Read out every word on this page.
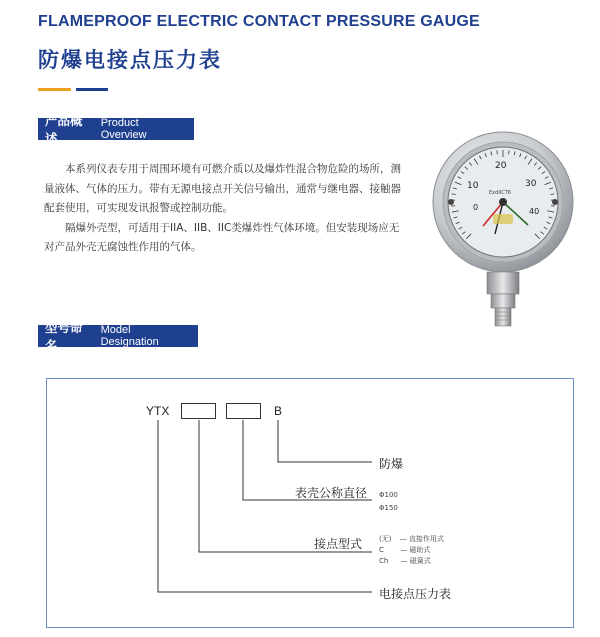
FLAMEPROOF ELECTRIC CONTACT PRESSURE GAUGE
防爆电接点压力表
产品概述
Product Overview

本系列仪表专用于周围环境有可燃介质以及爆炸性混合物危险的场所，测量液体、气体的压力。带有无源电接点开关信号输出，通常与继电器、接触器配套使用，可实现发讯报警或控制功能。

隔爆外壳型，可适用于IIA、IIB、IIC类爆炸性气体环境。但安装现场应无对产品外壳无腐蚀性作用的气体。

0
10
20
30
40
ExdIICT6
型号命名
Model Designation
YTX	B
防爆
表壳公称直径 Φ100
Φ150
接点型式 (无) — 直接作用式
C — 磁助式
Ch — 磁簧式
电接点压力表
